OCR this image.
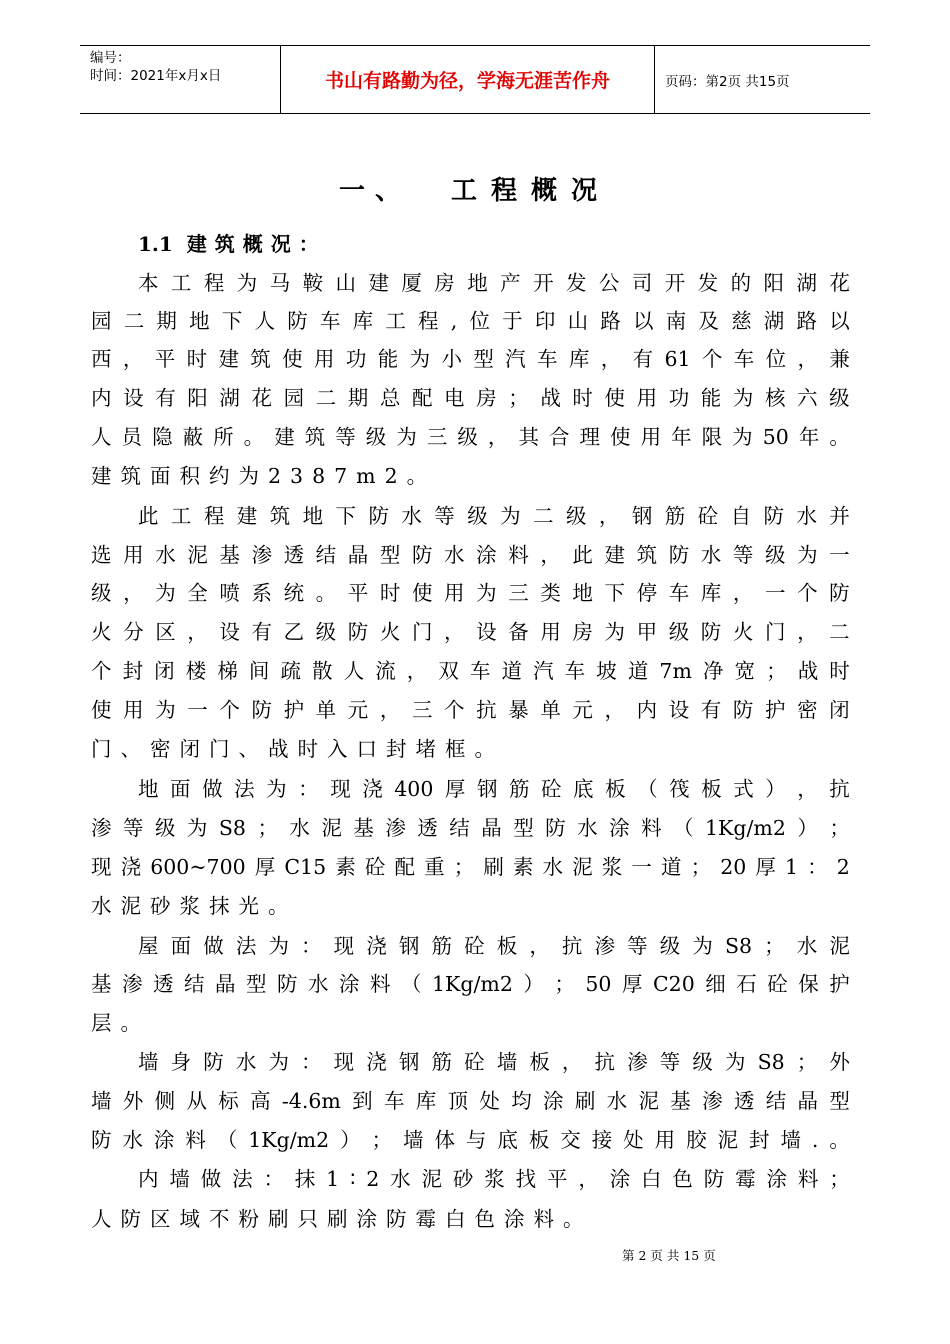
编号：
时间：2021年x月x日	书山有路勤为径，学海无涯苦作舟	页码：第2页 共15页
一、 工程概况
1.1 建筑概况：
本 工 程 为 马 鞍 山 建 厦 房 地 产 开 发 公 司 开 发 的 阳 湖 花
园 二 期 地 下 人 防 车 库 工 程 , 位 于 印 山 路 以 南 及 慈 湖 路 以
西 ， 平 时 建 筑 使 用 功 能 为 小 型 汽 车 库 ， 有 61 个 车 位 ， 兼
内 设 有 阳 湖 花 园 二 期 总 配 电 房 ； 战 时 使 用 功 能 为 核 六 级
人 员 隐 蔽 所 。 建 筑 等 级 为 三 级 ， 其 合 理 使 用 年 限 为 50 年 。
建筑面积约为2387m2。
此 工 程 建 筑 地 下 防 水 等 级 为 二 级 ， 钢 筋 砼 自 防 水 并
选 用 水 泥 基 渗 透 结 晶 型 防 水 涂 料 ， 此 建 筑 防 水 等 级 为 一
级 ， 为 全 喷 系 统 。 平 时 使 用 为 三 类 地 下 停 车 库 ， 一 个 防
火 分 区 ， 设 有 乙 级 防 火 门 ， 设 备 用 房 为 甲 级 防 火 门 ， 二
个 封 闭 楼 梯 间 疏 散 人 流 ， 双 车 道 汽 车 坡 道 7m 净 宽 ； 战 时
使 用 为 一 个 防 护 单 元 ， 三 个 抗 暴 单 元 ， 内 设 有 防 护 密 闭
门、密闭门、战时入口封堵框。
地 面 做 法 为 ： 现 浇 400 厚 钢 筋 砼 底 板 （ 筏 板 式 ） ， 抗
渗 等 级 为 S8 ； 水 泥 基 渗 透 结 晶 型 防 水 涂 料 （ 1Kg/m2 ） ；
现 浇 600~700 厚 C15 素 砼 配 重 ； 刷 素 水 泥 浆 一 道 ； 20 厚 1 ： 2
水泥砂浆抹光。
屋 面 做 法 为 ： 现 浇 钢 筋 砼 板 ， 抗 渗 等 级 为 S8 ； 水 泥
基 渗 透 结 晶 型 防 水 涂 料 （ 1Kg/m2 ） ； 50 厚 C20 细 石 砼 保 护
层。
墙 身 防 水 为 ： 现 浇 钢 筋 砼 墙 板 ， 抗 渗 等 级 为 S8 ； 外
墙 外 侧 从 标 高 -4.6m 到 车 库 顶 处 均 涂 刷 水 泥 基 渗 透 结 晶 型
防 水 涂 料 （ 1Kg/m2 ） ； 墙 体 与 底 板 交 接 处 用 胶 泥 封 墙 . 。
内 墙 做 法 ： 抹 1 ∶ 2 水 泥 砂 浆 找 平 ， 涂 白 色 防 霉 涂 料 ；
人防区域不粉刷只刷涂防霉白色涂料。
第 2 页 共 15 页
